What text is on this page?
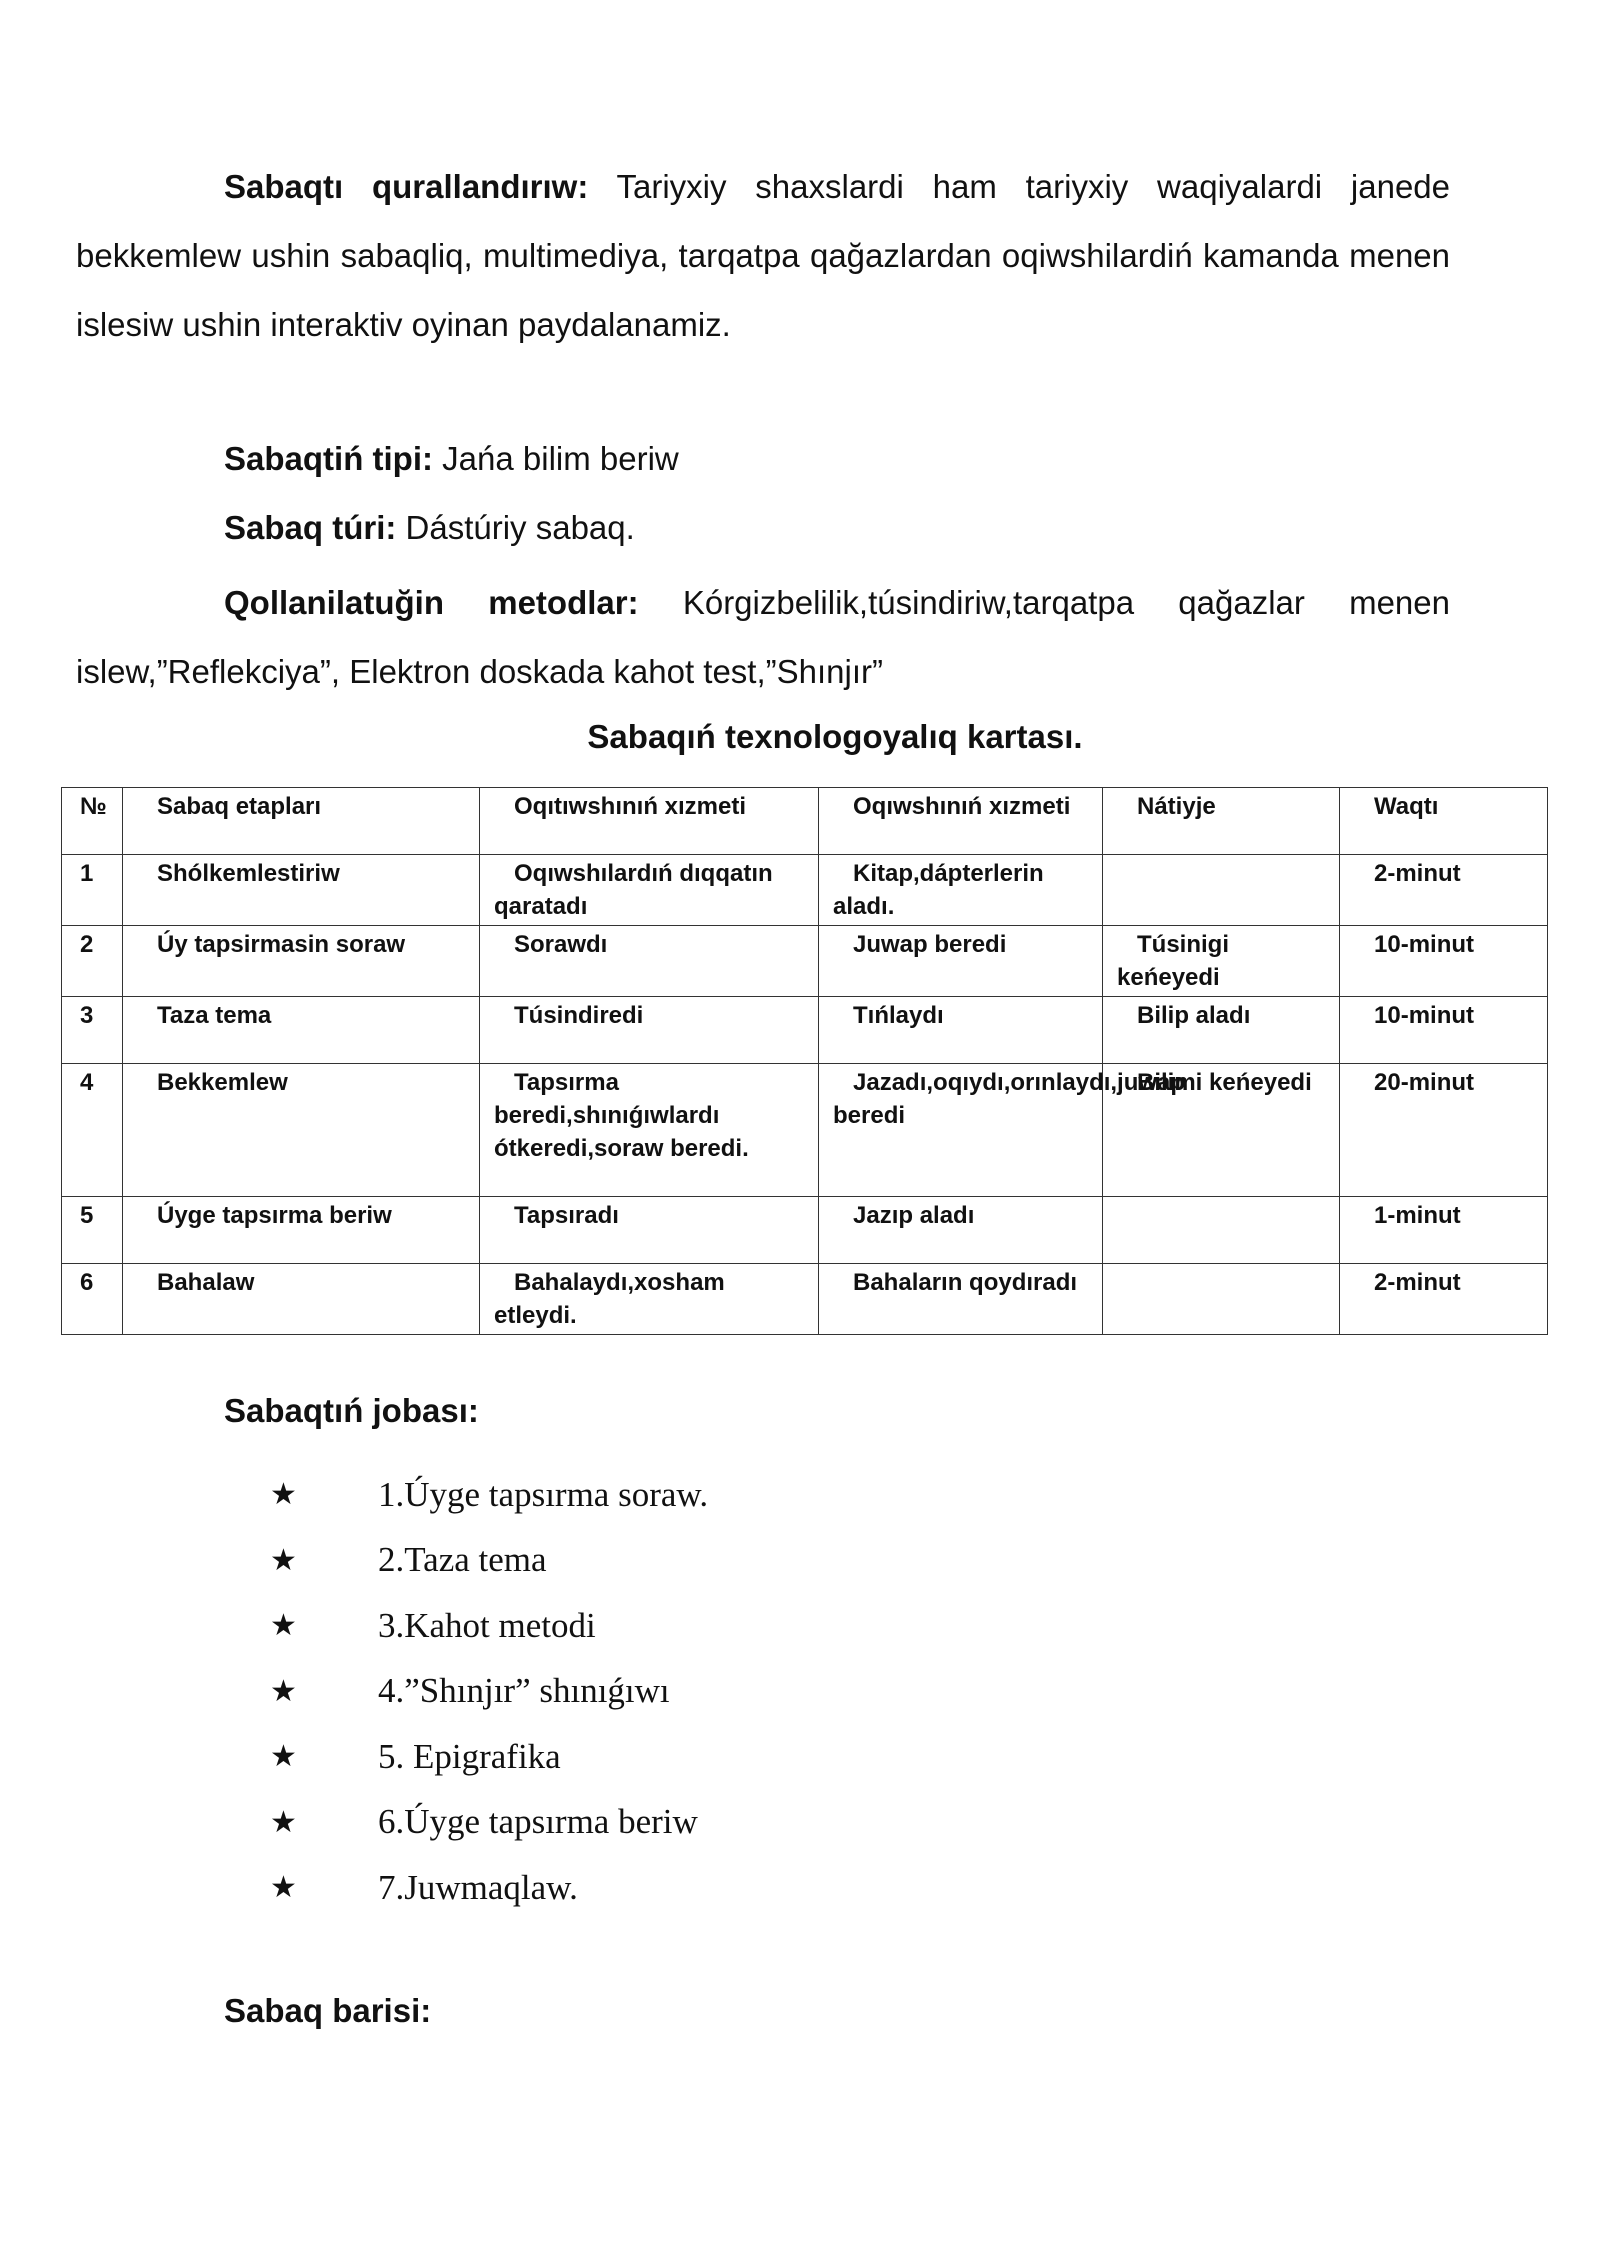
Sabaqtı qurallandırıw: Tariyxiy shaxslardi ham tariyxiy waqiyalardi janede bekkemlew ushin sabaqliq, multimediya, tarqatpa qağazlardan oqiwshilardiń kamanda menen islesiw ushin interaktiv oyinan paydalanamiz.

Sabaqtiń tipi: Jańa bilim beriw

Sabaq túri: Dástúriy sabaq.

Qollanilatuğin metodlar: Kórgizbelilik,túsindiriw,tarqatpa qağazlar menen islew,”Reflekciya”, Elektron doskada kahot test,”Shınjır”

Sabaqıń texnologoyalıq kartası.

№	Sabaq etapları	Oqıtıwshınıń xızmeti	Oqıwshınıń xızmeti	Nátiyje	Waqtı
1	Shólkemlestiriw	Oqıwshılardıń dıqqatın qaratadı	Kitap,dápterlerin aladı.		2-minut
2	Úy tapsirmasin soraw	Sorawdı	Juwap beredi	Túsinigi keńeyedi	10-minut
3	Taza tema	Túsindiredi	Tıńlaydı	Bilip aladı	10-minut
4	Bekkemlew	Tapsırma beredi,shınıǵıwlardı ótkeredi,soraw beredi.	Jazadı,oqıydı,orınlaydı,juwap beredi	Bilimi keńeyedi	20-minut
5	Úyge tapsırma beriw	Tapsıradı	Jazıp aladı		1-minut
6	Bahalaw	Bahalaydı,xosham etleydi.	Bahaların qoydıradı		2-minut

Sabaqtıń jobası:

★	1.Úyge tapsırma soraw.
★	2.Taza tema
★	3.Kahot metodi
★	4.”Shınjır” shınıǵıwı
★	5. Epigrafika
★	6.Úyge tapsırma beriw
★	7.Juwmaqlaw.

Sabaq barisi:
